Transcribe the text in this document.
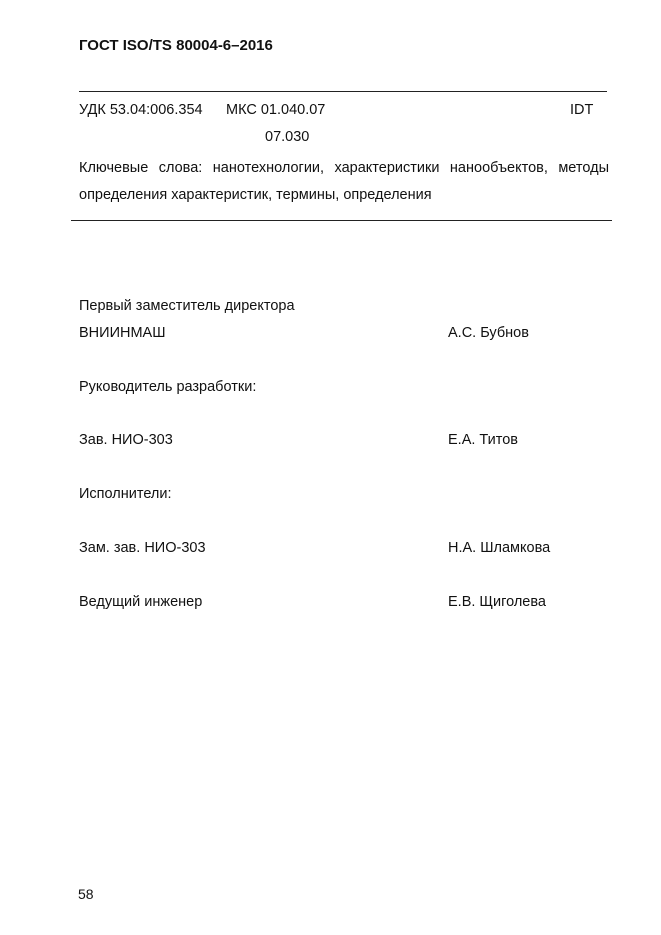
ГОСТ ISO/TS 80004-6–2016
УДК 53.04:006.354 МКС 01.040.07
07.030
IDT
Ключевые слова: нанотехнологии, характеристики нанообъектов, методы определения характеристик, термины, определения
Первый заместитель директора
ВНИИНМАШ	А.С. Бубнов
Руководитель разработки:
Зав. НИО-303	Е.А. Титов
Исполнители:
Зам. зав. НИО-303	Н.А. Шламкова
Ведущий инженер	Е.В. Щиголева
58
